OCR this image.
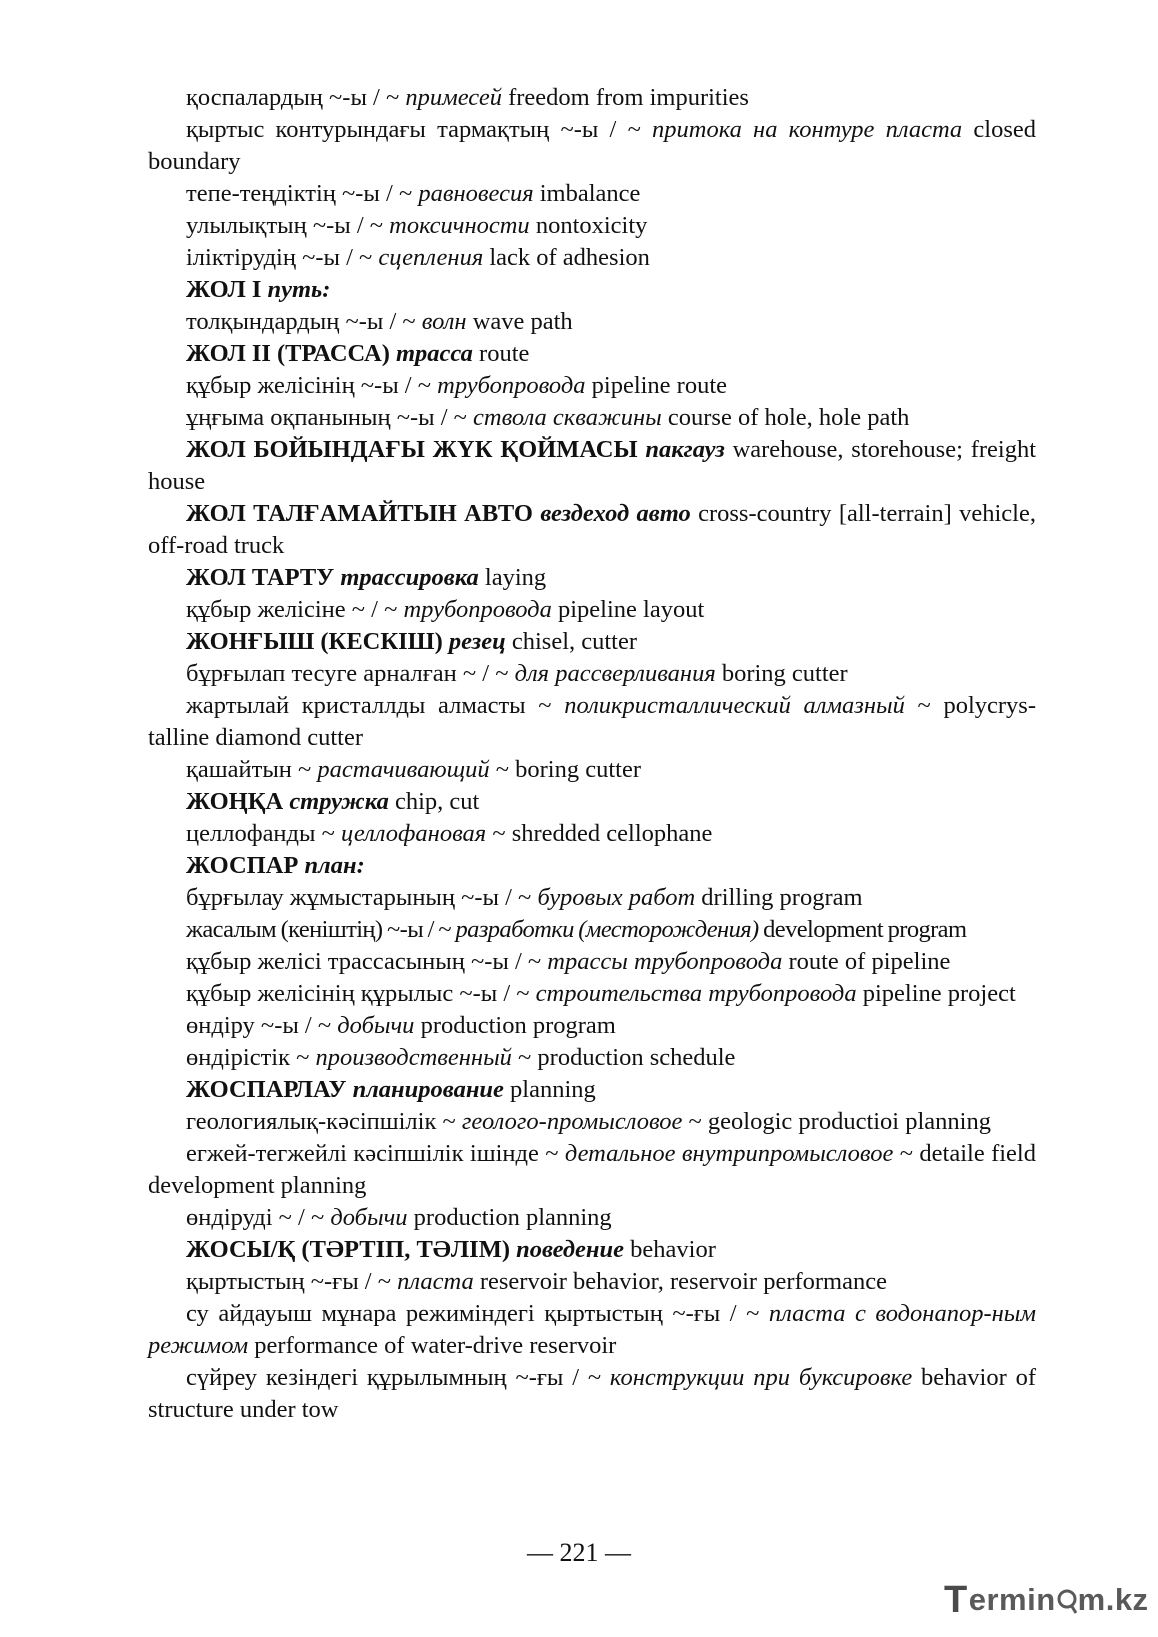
қоспалардың ~-ы / ~ примесей freedom from impurities

қыртыс контурындағы тармақтың ~-ы / ~ притока на контуре пласта closed boundary

тепе-теңдіктің ~-ы / ~ равновесия imbalance

улылықтың ~-ы / ~ токсичности nontoxicity

іліктірудің ~-ы / ~ сцепления lack of adhesion

ЖОЛ I путь:

толқындардың ~-ы / ~ волн wave path

ЖОЛ II (ТРАССА) трасса route

құбыр желісінің ~-ы / ~ трубопровода pipeline route

ұңғыма оқпанының ~-ы / ~ ствола скважины course of hole, hole path

ЖОЛ БОЙЫНДАҒЫ ЖҮК ҚОЙМАСЫ пакгауз warehouse, storehouse; freight house

ЖОЛ ТАЛҒАМАЙТЫН АВТО вездеход авто cross-country [all-terrain] vehicle, off-road truck

ЖОЛ ТАРТУ трассировка laying

құбыр желісіне ~ / ~ трубопровода pipeline layout

ЖОНҒЫШ (КЕСКІШ) резец chisel, cutter

бұрғылап тесуге арналған ~ / ~ для рассверливания boring cutter

жартылай кристаллды алмасты ~ поликристаллический алмазный ~ polycrys-talline diamond cutter

қашайтын ~ растачивающий ~ boring cutter

ЖОҢҚА стружка chip, cut

целлофанды ~ целлофановая ~ shredded cellophane

ЖОСПАР план:

бұрғылау жұмыстарының ~-ы / ~ буровых работ drilling program

жасалым (кеніштің) ~-ы / ~ разработки (месторождения) development program

құбыр желісі трассасының ~-ы / ~ трассы трубопровода route of pipeline

құбыр желісінің құрылыс ~-ы / ~ строительства трубопровода pipeline project

өндіру ~-ы / ~ добычи production program

өндірістік ~ производственный ~ production schedule

ЖОСПАРЛАУ планирование planning

геологиялық-кәсіпшілік ~ геолого-промысловое ~ geologic productioi planning

егжей-тегжейлі кәсіпшілік ішінде ~ детальное внутрипромысловое ~ detaile field development planning

өндіруді ~ / ~ добычи production planning

ЖОСЫ/Қ (ТӘРТІП, ТӘЛІМ) поведение behavior

қыртыстың ~-ғы / ~ пласта reservoir behavior, reservoir performance

су айдауыш мұнара режиміндегі қыртыстың ~-ғы / ~ пласта с водонапор-ным режимом performance of water-drive reservoir

сүйреу кезіндегі құрылымның ~-ғы / ~ конструкции при буксировке behavior of structure under tow

— 221 —
T ermin m.kz
